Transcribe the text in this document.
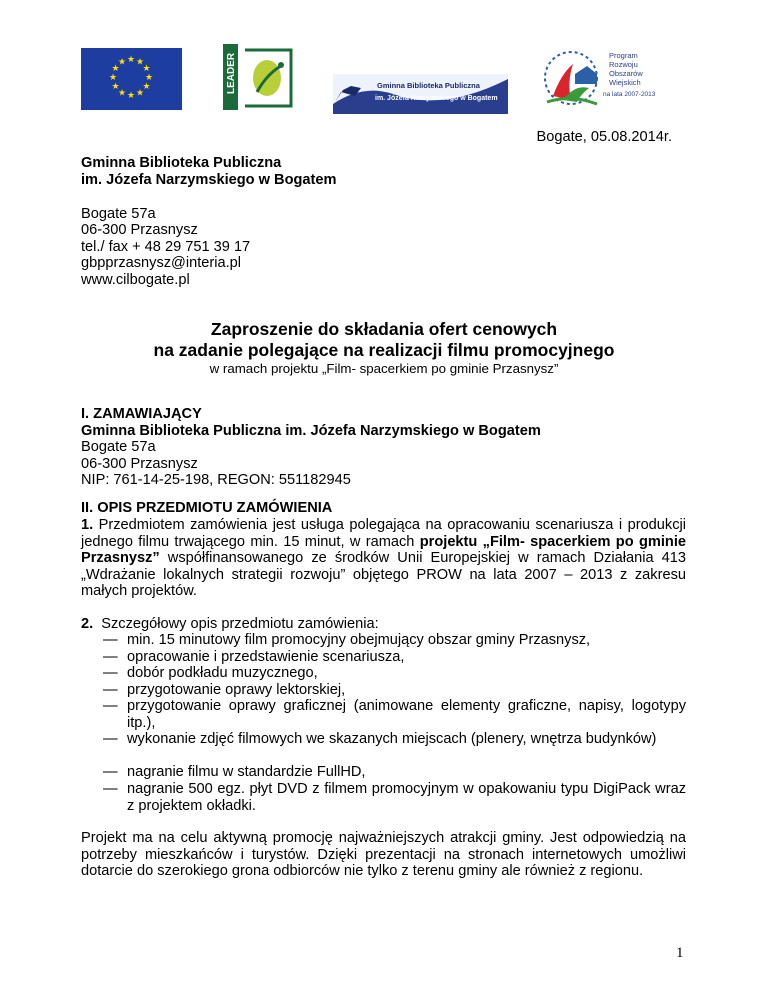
★ ★
★
★
★
★
★
★
★
★
★
★	LEADER	Gminna Biblioteka Publiczna
im. Józefa Narzymskiego w Bogatem
Program
Rozwoju
Obszarów
Wiejskich
na lata 2007-2013
Bogate, 05.08.2014r.
Gminna Biblioteka Publiczna
im. Józefa Narzymskiego w Bogatem
Bogate 57a
06-300 Przasnysz
tel./ fax + 48 29 751 39 17
gbpprzasnysz@interia.pl
www.cilbogate.pl
Zaproszenie do składania ofert cenowych
na zadanie polegające na realizacji filmu promocyjnego
w ramach projektu „Film- spacerkiem po gminie Przasnysz”
I. ZAMAWIAJĄCY
Gminna Biblioteka Publiczna im. Józefa Narzymskiego w Bogatem
Bogate 57a
06-300 Przasnysz
NIP: 761-14-25-198, REGON: 551182945
II. OPIS PRZEDMIOTU ZAMÓWIENIA
1. Przedmiotem zamówienia jest usługa polegająca na opracowaniu scenariusza i produkcji jednego filmu trwającego min. 15 minut, w ramach projektu „Film- spacerkiem po gminie Przasnysz” współfinansowanego ze środków Unii Europejskiej w ramach Działania 413 „Wdrażanie lokalnych strategii rozwoju” objętego PROW na lata 2007 – 2013 z zakresu małych projektów.
2. Szczegółowy opis przedmiotu zamówienia:
— min. 15 minutowy film promocyjny obejmujący obszar gminy Przasnysz,
— opracowanie i przedstawienie scenariusza,
— dobór podkładu muzycznego,
— przygotowanie oprawy lektorskiej,
— przygotowanie oprawy graficznej (animowane elementy graficzne, napisy, logotypy itp.),
— wykonanie zdjęć filmowych we skazanych miejscach (plenery, wnętrza budynków)
— nagranie filmu w standardzie FullHD,
— nagranie 500 egz. płyt DVD z filmem promocyjnym w opakowaniu typu DigiPack wraz z projektem okładki.
Projekt ma na celu aktywną promocję najważniejszych atrakcji gminy. Jest odpowiedzią na potrzeby mieszkańców i turystów. Dzięki prezentacji na stronach internetowych umożliwi dotarcie do szerokiego grona odbiorców nie tylko z terenu gminy ale również z regionu.
1
